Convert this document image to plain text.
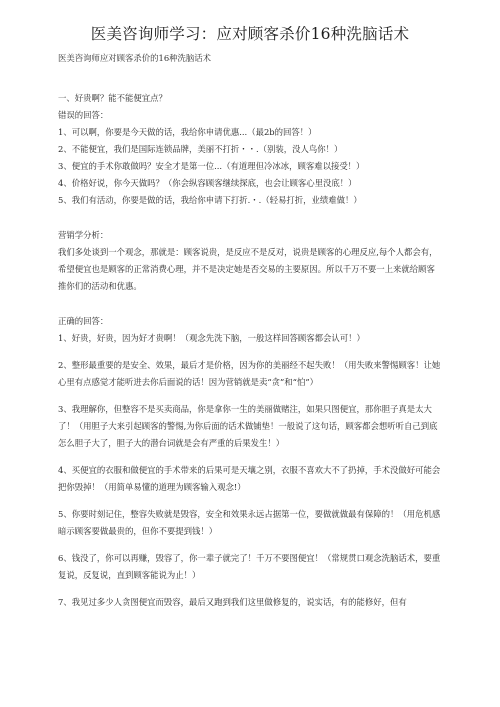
医美咨询师学习：应对顾客杀价16种洗脑话术

医美咨询师应对顾客杀价的16种洗脑话术

一、好贵啊？能不能便宜点？

错误的回答：

1、可以啊，你要是今天做的话，我给你申请优惠...（最2b的回答！）

2、不能便宜，我们是国际连锁品牌，美丽不打折・・.（别装，没人鸟你！）

3、便宜的手术你敢做吗？安全才是第一位...（有道理但冷冰冰，顾客难以接受！）

4、价格好说，你今天做吗？（你会纵容顾客继续探底，也会让顾客心里没底！）

5、我们有活动，你要是做的话，我给你申请下打折.・.（轻易打折，业绩难做！）

营销学分析：

我们多处谈到一个观念，那就是：顾客说贵，是反应不是反对，说贵是顾客的心理反应,每个人都会有，希望便宜也是顾客的正常消费心理，并不是决定她是否交易的主要原因。所以千万不要一上来就给顾客推你们的活动和优惠。

正确的回答：

1、好贵，好贵，因为好才贵啊！（观念先洗下脑，一般这样回答顾客都会认可！）

2、整形最重要的是安全、效果，最后才是价格，因为你的美丽经不起失败！（用失败来警惕顾客！让她心里有点感觉才能听进去你后面说的话！因为营销就是卖“贪”和“怕”）

3、我理解你，但整容不是买卖商品，你是拿你一生的美丽做赌注，如果只图便宜，那你胆子真是太大了！（用胆子大来引起顾客的警惕,为你后面的话术做铺垫！一般说了这句话，顾客都会想听听自己到底怎么胆子大了，胆子大的潜台词就是会有严重的后果发生！）

4、买便宜的衣服和做便宜的手术带来的后果可是天壤之别，衣服不喜欢大不了扔掉，手术没做好可能会把你毁掉！（用简单易懂的道理为顾客输入观念!）

5、你要时刻记住，整容失败就是毁容，安全和效果永远占据第一位，要做就做最有保障的！（用危机感暗示顾客要做最贵的，但你不要提到钱！）

6、钱没了，你可以再赚，毁容了，你一辈子就完了！千万不要图便宜！（常规贯口观念洗脑话术，要重复说，反复说，直到顾客能说为止！）

7、我见过多少人贪图便宜而毁容，最后又跑到我们这里做修复的，说实话，有的能修好，但有
